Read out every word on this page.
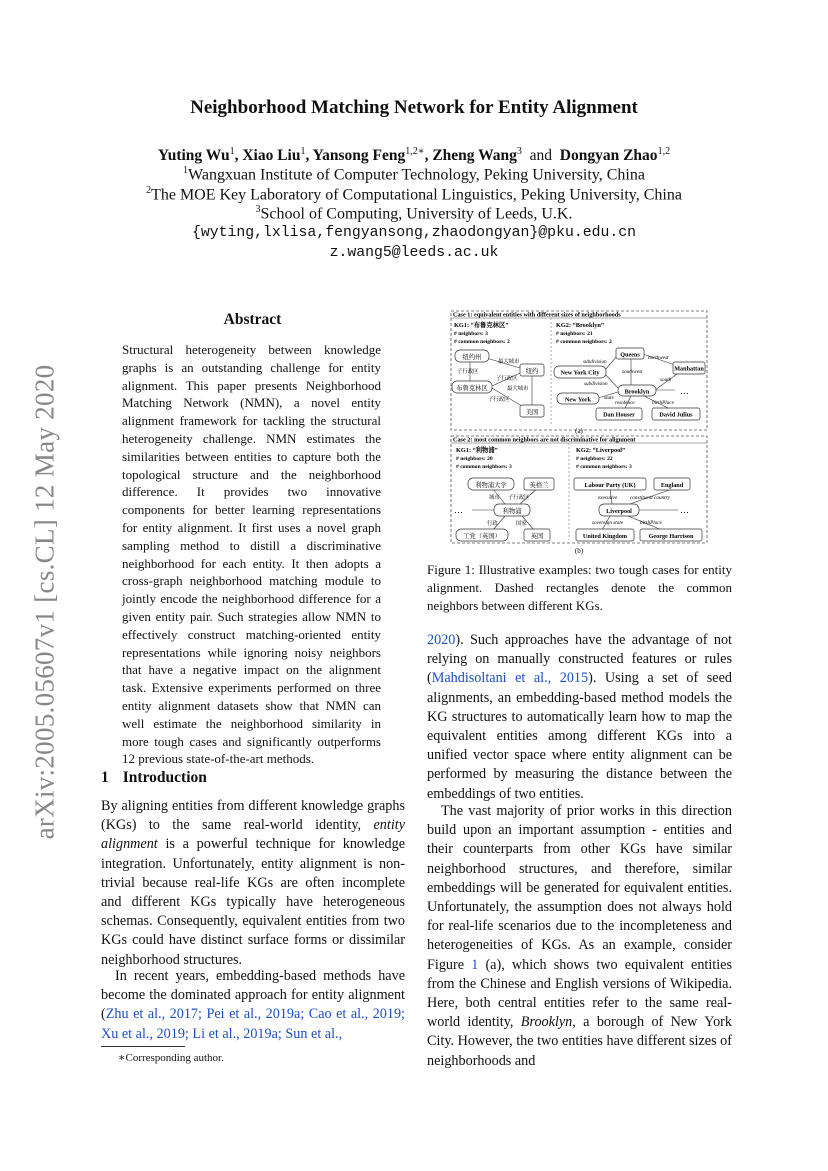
arXiv:2005.05607v1 [cs.CL] 12 May 2020
Neighborhood Matching Network for Entity Alignment
Yuting Wu$^1$, Xiao Liu$^1$, Yansong Feng$^{1,2∗}$, Zheng Wang$^3$ and Dongyan Zhao$^{1,2}$
$^1$Wangxuan Institute of Computer Technology, Peking University, China
$^2$The MOE Key Laboratory of Computational Linguistics, Peking University, China
$^3$School of Computing, University of Leeds, U.K.
{wyting,lxlisa,fengyansong,zhaodongyan}@pku.edu.cn
z.wang5@leeds.ac.uk
Abstract
Structural heterogeneity between knowledge graphs is an outstanding challenge for entity alignment. This paper presents Neighborhood Matching Network (NMN), a novel entity alignment framework for tackling the structural heterogeneity challenge. NMN estimates the similarities between entities to capture both the topological structure and the neighborhood difference. It provides two innovative components for better learning representations for entity alignment. It first uses a novel graph sampling method to distill a discriminative neighborhood for each entity. It then adopts a cross-graph neighborhood matching module to jointly encode the neighborhood difference for a given entity pair. Such strategies allow NMN to effectively construct matching-oriented entity representations while ignoring noisy neighbors that have a negative impact on the alignment task. Extensive experiments performed on three entity alignment datasets show that NMN can well estimate the neighborhood similarity in more tough cases and significantly outperforms 12 previous state-of-the-art methods.
1 Introduction
By aligning entities from different knowledge graphs (KGs) to the same real-world identity, entity alignment is a powerful technique for knowledge integration. Unfortunately, entity alignment is non-trivial because real-life KGs are often incomplete and different KGs typically have heterogeneous schemas. Consequently, equivalent entities from two KGs could have distinct surface forms or dissimilar neighborhood structures.
In recent years, embedding-based methods have become the dominated approach for entity alignment (Zhu et al., 2017; Pei et al., 2019a; Cao et al., 2019; Xu et al., 2019; Li et al., 2019a; Sun et al.,
∗Corresponding author.
Case 1: equivalent entities with different sizes of neighborhoods
KG1: “布鲁克林区”
# neighbors: 3
# common neighbors: 2
KG2: “Brooklyn”
# neighbors: 21
# common neighbors: 2
纽约州
布鲁克林区
纽约
美国
最大城市
子行政区
子行政区
最大城市
子行政区
Queens
Manhattan
New York City
Brooklyn
New York
Dan Houser	David Julius
subdivision
northwest
southwest
south
subdivision
state
residence	birthPlace
…
(a)
Case 2: most common neighbors are not discriminative for alignment
KG1: “利物浦”
# neighbors: 20
# common neighbors: 3
KG2: “Liverpool”
# neighbors: 22
# common neighbors: 3
利物浦大学	英格兰
利物浦
工党（英国）	英国
城市 子行政区
行政	国家
…
Labour Party (UK)	England
Liverpool
United Kingdom	George Harrison
executive constituent country
sovereign state	birthPlace
…
(b)
Figure 1: Illustrative examples: two tough cases for entity alignment. Dashed rectangles denote the common neighbors between different KGs.
2020). Such approaches have the advantage of not relying on manually constructed features or rules (Mahdisoltani et al., 2015). Using a set of seed alignments, an embedding-based method models the KG structures to automatically learn how to map the equivalent entities among different KGs into a unified vector space where entity alignment can be performed by measuring the distance between the embeddings of two entities.
The vast majority of prior works in this direction build upon an important assumption - entities and their counterparts from other KGs have similar neighborhood structures, and therefore, similar embeddings will be generated for equivalent entities. Unfortunately, the assumption does not always hold for real-life scenarios due to the incompleteness and heterogeneities of KGs. As an example, consider Figure 1 (a), which shows two equivalent entities from the Chinese and English versions of Wikipedia. Here, both central entities refer to the same real-world identity, Brooklyn, a borough of New York City. However, the two entities have different sizes of neighborhoods and
